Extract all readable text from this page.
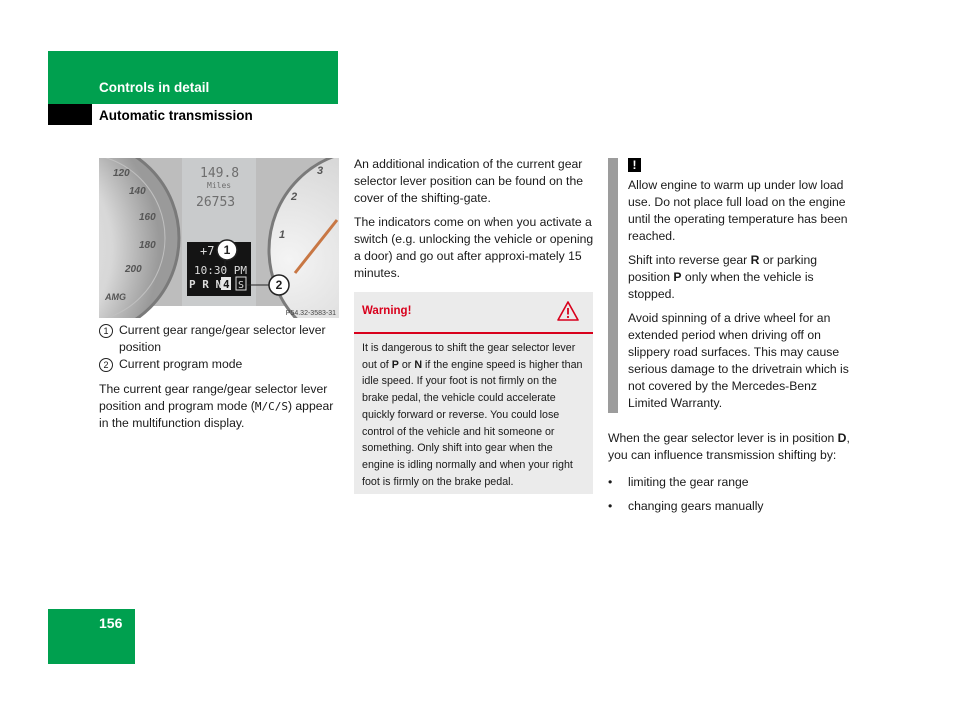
Controls in detail
Automatic transmission
120
140
160
180
200
3
2
1
AMG
149.8
Miles
26753
+7
10:30 PM
P R N 4 S
1
2
P54.32-3583-31
1 Current gear range/gear selector lever position
2 Current program mode
The current gear range/gear selector lever position and program mode (M/C/S) appear in the multifunction display.

An additional indication of the current gear selector lever position can be found on the cover of the shifting-gate.

The indicators come on when you activate a switch (e.g. unlocking the vehicle or opening a door) and go out after approxi-mately 15 minutes.

Warning!
It is dangerous to shift the gear selector lever out of P or N if the engine speed is higher than idle speed. If your foot is not firmly on the brake pedal, the vehicle could accelerate quickly forward or reverse. You could lose control of the vehicle and hit someone or something. Only shift into gear when the engine is idling normally and when your right foot is firmly on the brake pedal.
!

Allow engine to warm up under low load use. Do not place full load on the engine until the operating temperature has been reached.

Shift into reverse gear R or parking position P only when the vehicle is stopped.

Avoid spinning of a drive wheel for an extended period when driving off on slippery road surfaces. This may cause serious damage to the drivetrain which is not covered by the Mercedes-Benz Limited Warranty.

When the gear selector lever is in position D, you can influence transmission shifting by:

• limiting the gear range
• changing gears manually
156
